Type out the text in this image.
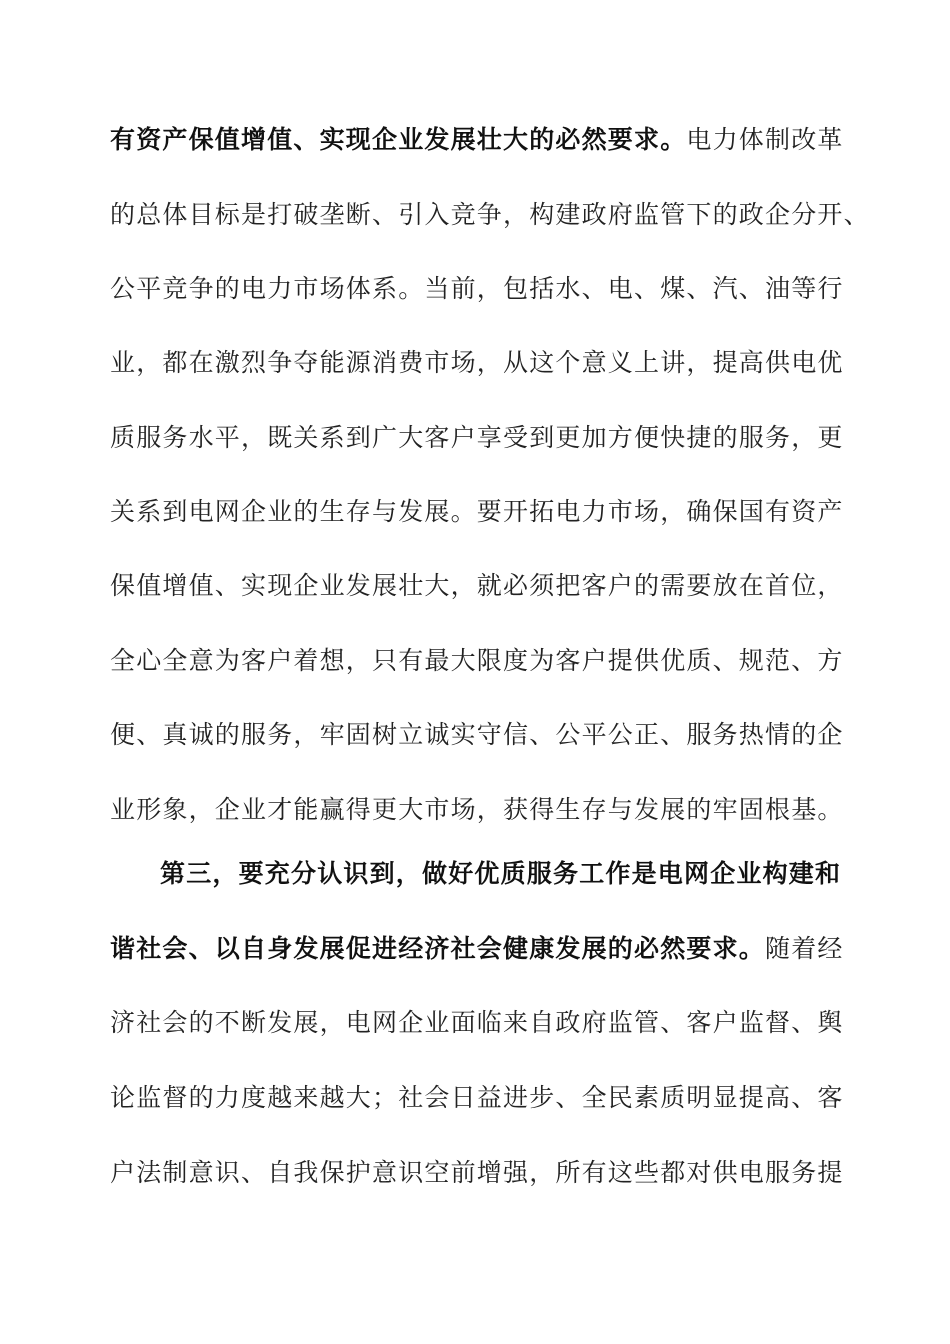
有资产保值增值、实现企业发展壮大的必然要求。电力体制改革
的总体目标是打破垄断、引入竞争，构建政府监管下的政企分开、
公平竞争的电力市场体系。当前，包括水、电、煤、汽、油等行
业，都在激烈争夺能源消费市场，从这个意义上讲，提高供电优
质服务水平，既关系到广大客户享受到更加方便快捷的服务，更
关系到电网企业的生存与发展。要开拓电力市场，确保国有资产
保值增值、实现企业发展壮大，就必须把客户的需要放在首位，
全心全意为客户着想，只有最大限度为客户提供优质、规范、方
便、真诚的服务，牢固树立诚实守信、公平公正、服务热情的企
业形象，企业才能赢得更大市场，获得生存与发展的牢固根基。
第三，要充分认识到，做好优质服务工作是电网企业构建和
谐社会、以自身发展促进经济社会健康发展的必然要求。随着经
济社会的不断发展，电网企业面临来自政府监管、客户监督、舆
论监督的力度越来越大；社会日益进步、全民素质明显提高、客
户法制意识、自我保护意识空前增强，所有这些都对供电服务提
